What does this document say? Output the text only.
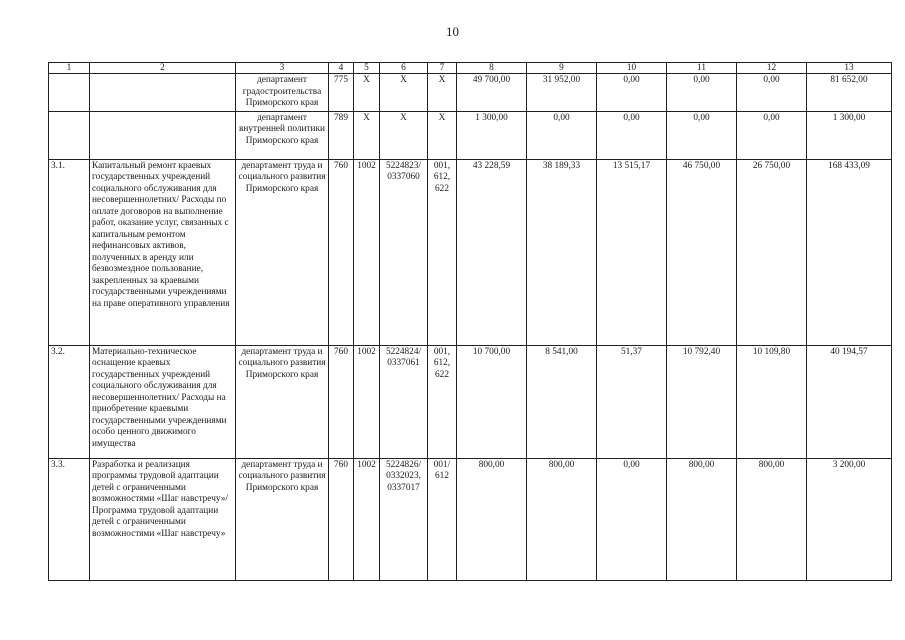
10
1	2	3	4	5	6	7	8	9	10	11	12	13
		департамент градостроительства Приморского края	775	Х	Х	Х	49 700,00	31 952,00	0,00	0,00	0,00	81 652,00
		департамент внутренней политики Приморского края	789	Х	Х	Х	1 300,00	0,00	0,00	0,00	0,00	1 300,00
3.1.	Капитальный ремонт краевых государственных учреждений социального обслуживания для несовершеннолетних/ Расходы по оплате договоров на выполнение работ, оказание услуг, связанных с капитальным ремонтом нефинансовых активов, полученных в аренду или безвозмездное пользование, закрепленных за краевыми государственными учреждениями на праве оперативного управления	департамент труда и социального развития Приморского края	760	1002	5224823/ 0337060	001, 612, 622	43 228,59	38 189,33	13 515,17	46 750,00	26 750,00	168 433,09
3.2.	Материально-техническое оснащение краевых государственных учреждений социального обслуживания для несовершеннолетних/ Расходы на приобретение краевыми государственными учреждениями особо ценного движимого имущества	департамент труда и социального развития Приморского края	760	1002	5224824/ 0337061	001, 612, 622	10 700,00	8 541,00	51,37	10 792,40	10 109,80	40 194,57
3.3.	Разработка и реализация программы трудовой адаптации детей с ограниченными возможностями «Шаг навстречу»/ Программа трудовой адаптации детей с ограниченными возможностями «Шаг навстречу»	департамент труда и социального развития Приморского края	760	1002	5224826/ 0332023, 0337017	001/ 612	800,00	800,00	0,00	800,00	800,00	3 200,00
